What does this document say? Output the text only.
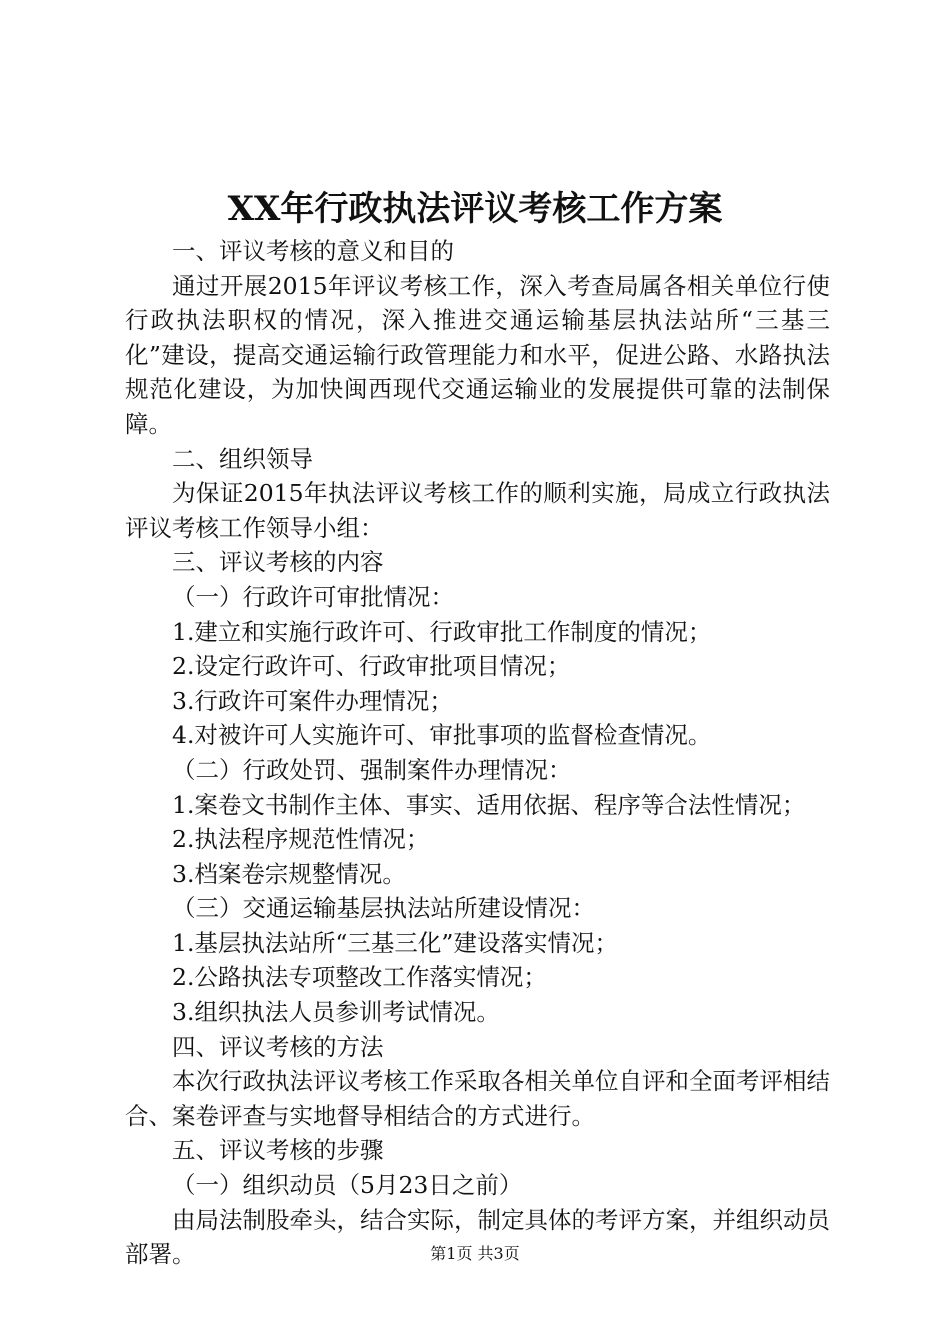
XX年行政执法评议考核工作方案

一、评议考核的意义和目的

通过开展2015年评议考核工作，深入考查局属各相关单位行使行政执法职权的情况，深入推进交通运输基层执法站所“三基三化”建设，提高交通运输行政管理能力和水平，促进公路、水路执法规范化建设，为加快闽西现代交通运输业的发展提供可靠的法制保障。

二、组织领导

为保证2015年执法评议考核工作的顺利实施，局成立行政执法评议考核工作领导小组：

三、评议考核的内容

（一）行政许可审批情况：

1.建立和实施行政许可、行政审批工作制度的情况；

2.设定行政许可、行政审批项目情况；

3.行政许可案件办理情况；

4.对被许可人实施许可、审批事项的监督检查情况。

（二）行政处罚、强制案件办理情况：

1.案卷文书制作主体、事实、适用依据、程序等合法性情况；

2.执法程序规范性情况；

3.档案卷宗规整情况。

（三）交通运输基层执法站所建设情况：

1.基层执法站所“三基三化”建设落实情况；

2.公路执法专项整改工作落实情况；

3.组织执法人员参训考试情况。

四、评议考核的方法

本次行政执法评议考核工作采取各相关单位自评和全面考评相结合、案卷评查与实地督导相结合的方式进行。

五、评议考核的步骤

（一）组织动员（5月23日之前）

由局法制股牵头，结合实际，制定具体的考评方案，并组织动员部署。	第1页 共3页
